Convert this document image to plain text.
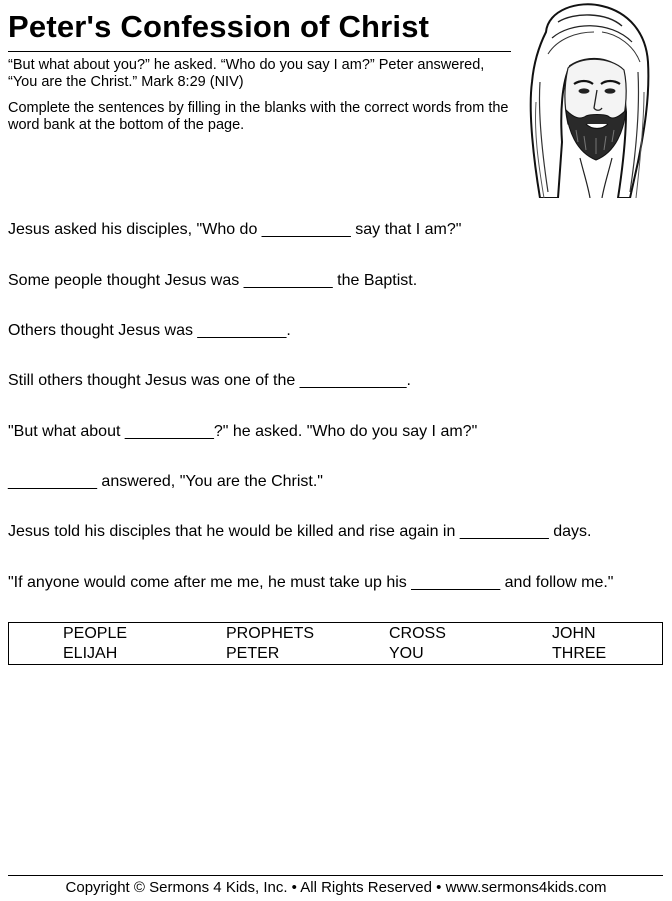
Peter's Confession of Christ
“But what about you?” he asked. “Who do you say I am?” Peter answered, “You are the Christ.” Mark 8:29 (NIV)
Complete the sentences by filling in the blanks with the correct words from the word bank at the bottom of the page.
Jesus asked his disciples, "Who do __________ say that I am?"
Some people thought Jesus was __________ the Baptist.
Others thought Jesus was __________.
Still others thought Jesus was one of the ____________.
"But what about __________?" he asked. "Who do you say I am?"
__________ answered, "You are the Christ."
Jesus told his disciples that he would be killed and rise again in __________ days.
"If anyone would come after me me, he must take up his __________ and follow me."
PEOPLE	PROPHETS	CROSS	JOHN
ELIJAH	PETER	YOU	THREE
Copyright © Sermons 4 Kids, Inc. • All Rights Reserved • www.sermons4kids.com
